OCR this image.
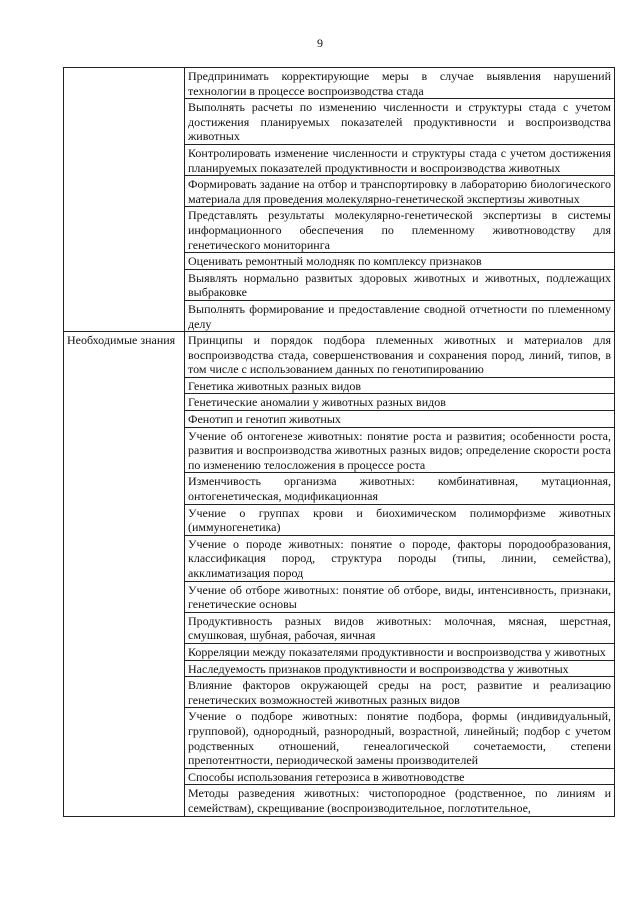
9
	Предпринимать корректирующие меры в случае выявления нарушений технологии в процессе воспроизводства стада
	Выполнять расчеты по изменению численности и структуры стада с учетом достижения планируемых показателей продуктивности и воспроизводства животных
	Контролировать изменение численности и структуры стада с учетом достижения планируемых показателей продуктивности и воспроизводства животных
	Формировать задание на отбор и транспортировку в лабораторию биологического материала для проведения молекулярно-генетической экспертизы животных
	Представлять результаты молекулярно-генетической экспертизы в системы информационного обеспечения по племенному животноводству для генетического мониторинга
	Оценивать ремонтный молодняк по комплексу признаков
	Выявлять нормально развитых здоровых животных и животных, подлежащих выбраковке
	Выполнять формирование и предоставление сводной отчетности по племенному делу
Необходимые знания	Принципы и порядок подбора племенных животных и материалов для воспроизводства стада, совершенствования и сохранения пород, линий, типов, в том числе с использованием данных по генотипированию
	Генетика животных разных видов
	Генетические аномалии у животных разных видов
	Фенотип и генотип животных
	Учение об онтогенезе животных: понятие роста и развития; особенности роста, развития и воспроизводства животных разных видов; определение скорости роста по изменению телосложения в процессе роста
	Изменчивость организма животных: комбинативная, мутационная, онтогенетическая, модификационная
	Учение о группах крови и биохимическом полиморфизме животных (иммуногенетика)
	Учение о породе животных: понятие о породе, факторы породообразования, классификация пород, структура породы (типы, линии, семейства), акклиматизация пород
	Учение об отборе животных: понятие об отборе, виды, интенсивность, признаки, генетические основы
	Продуктивность разных видов животных: молочная, мясная, шерстная, смушковая, шубная, рабочая, яичная
	Корреляции между показателями продуктивности и воспроизводства у животных
	Наследуемость признаков продуктивности и воспроизводства у животных
	Влияние факторов окружающей среды на рост, развитие и реализацию генетических возможностей животных разных видов
	Учение о подборе животных: понятие подбора, формы (индивидуальный, групповой), однородный, разнородный, возрастной, линейный; подбор с учетом родственных отношений, генеалогической сочетаемости, степени препотентности, периодической замены производителей
	Способы использования гетерозиса в животноводстве
	Методы разведения животных: чистопородное (родственное, по линиям и семействам), скрещивание (воспроизводительное, поглотительное,
